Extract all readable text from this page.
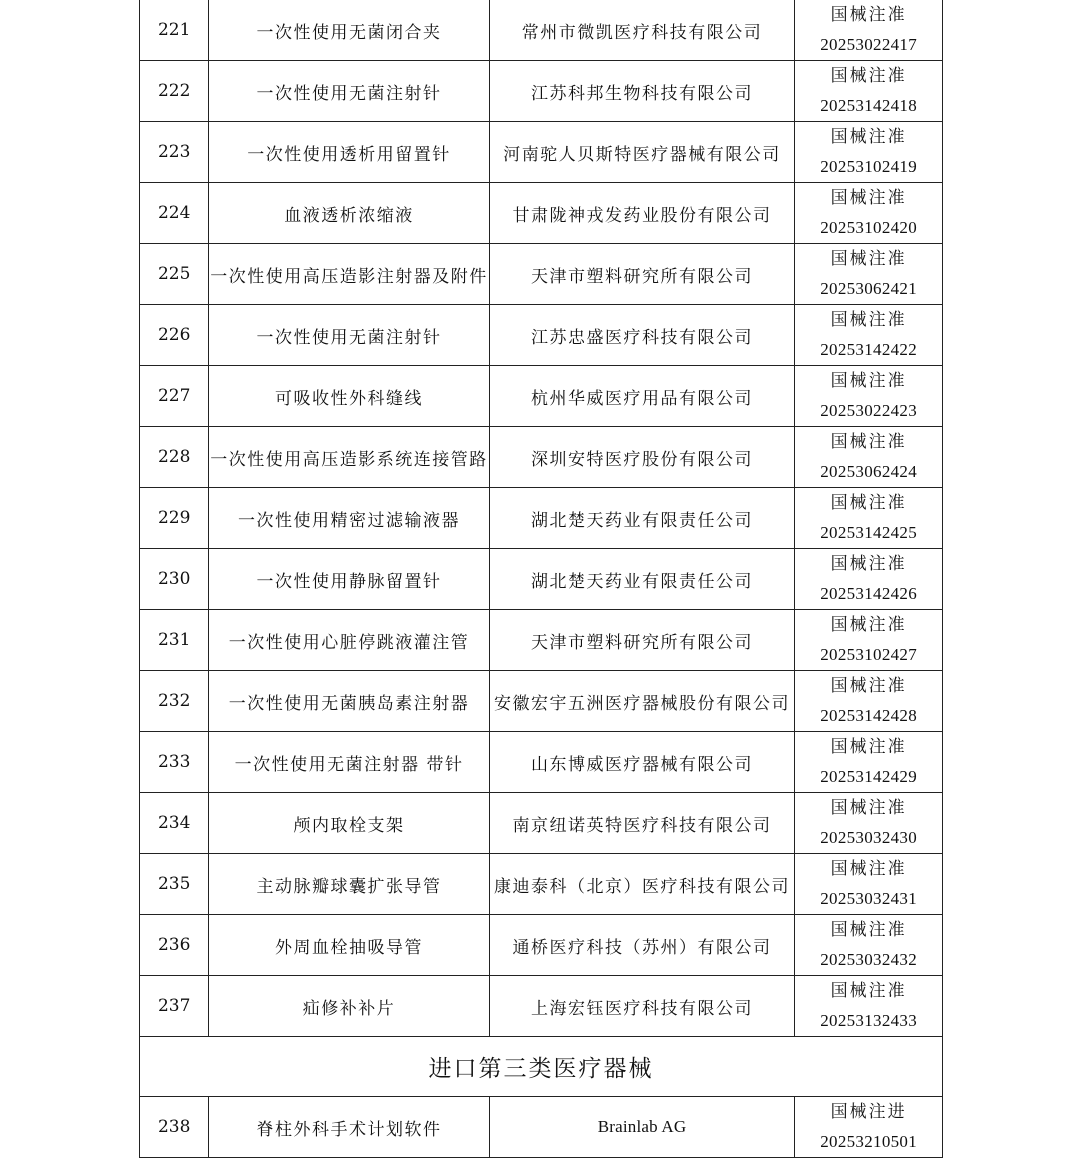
221	一次性使用无菌闭合夹	常州市微凯医疗科技有限公司	国械注准
20253022417

222	一次性使用无菌注射针	江苏科邦生物科技有限公司	国械注准
20253142418

223	一次性使用透析用留置针	河南驼人贝斯特医疗器械有限公司	国械注准
20253102419

224	血液透析浓缩液	甘肃陇神戎发药业股份有限公司	国械注准
20253102420

225	一次性使用高压造影注射器及附件	天津市塑料研究所有限公司	国械注准
20253062421

226	一次性使用无菌注射针	江苏忠盛医疗科技有限公司	国械注准
20253142422

227	可吸收性外科缝线	杭州华威医疗用品有限公司	国械注准
20253022423

228	一次性使用高压造影系统连接管路	深圳安特医疗股份有限公司	国械注准
20253062424

229	一次性使用精密过滤输液器	湖北楚天药业有限责任公司	国械注准
20253142425

230	一次性使用静脉留置针	湖北楚天药业有限责任公司	国械注准
20253142426

231	一次性使用心脏停跳液灌注管	天津市塑料研究所有限公司	国械注准
20253102427

232	一次性使用无菌胰岛素注射器	安徽宏宇五洲医疗器械股份有限公司	国械注准
20253142428

233	一次性使用无菌注射器 带针	山东博威医疗器械有限公司	国械注准
20253142429

234	颅内取栓支架	南京纽诺英特医疗科技有限公司	国械注准
20253032430

235	主动脉瓣球囊扩张导管	康迪泰科（北京）医疗科技有限公司	国械注准
20253032431

236	外周血栓抽吸导管	通桥医疗科技（苏州）有限公司	国械注准
20253032432

237	疝修补补片	上海宏钰医疗科技有限公司	国械注准
20253132433

进口第三类医疗器械			
238	脊柱外科手术计划软件	Brainlab AG	国械注进
20253210501
